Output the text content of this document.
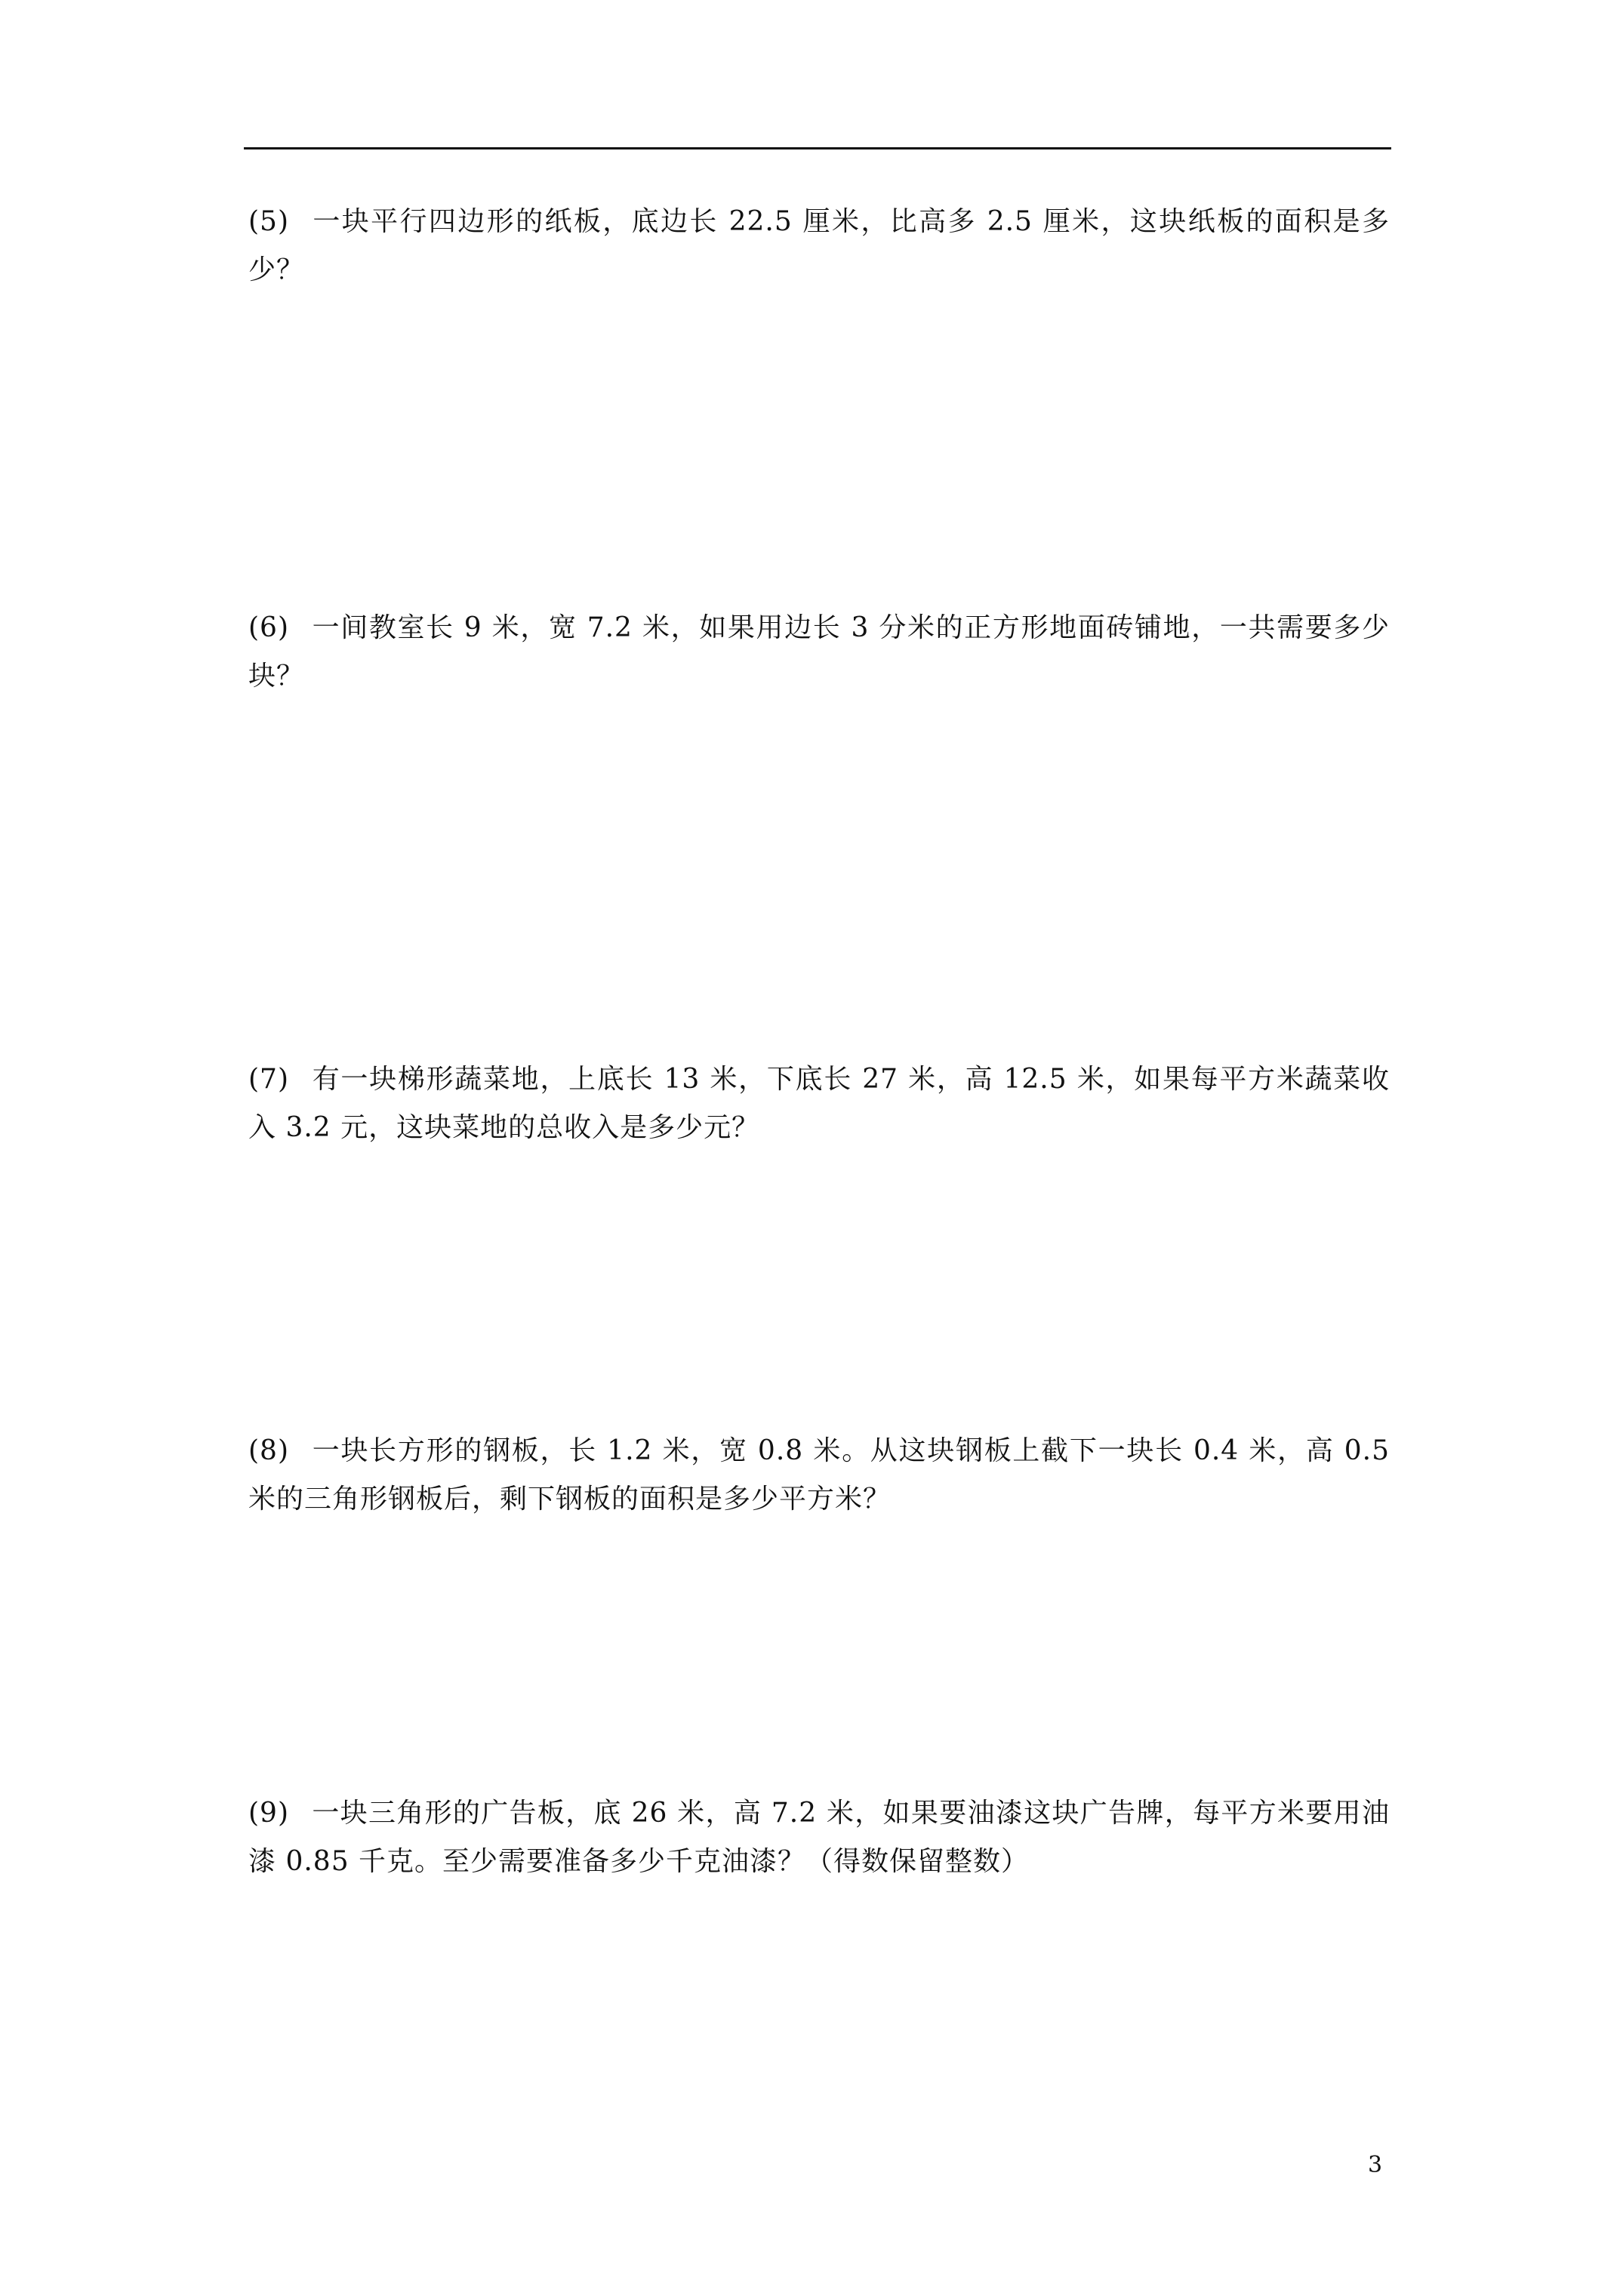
(5) 一块平行四边形的纸板，底边长 22.5 厘米，比高多 2.5 厘米，这块纸板的面积是多少？
(6) 一间教室长 9 米，宽 7.2 米，如果用边长 3 分米的正方形地面砖铺地，一共需要多少块？
(7) 有一块梯形蔬菜地，上底长 13 米，下底长 27 米，高 12.5 米，如果每平方米蔬菜收入 3.2 元，这块菜地的总收入是多少元？
(8) 一块长方形的钢板，长 1.2 米，宽 0.8 米。从这块钢板上截下一块长 0.4 米，高 0.5 米的三角形钢板后，剩下钢板的面积是多少平方米？
(9) 一块三角形的广告板，底 26 米，高 7.2 米，如果要油漆这块广告牌，每平方米要用油漆 0.85 千克。至少需要准备多少千克油漆？（得数保留整数）
3
